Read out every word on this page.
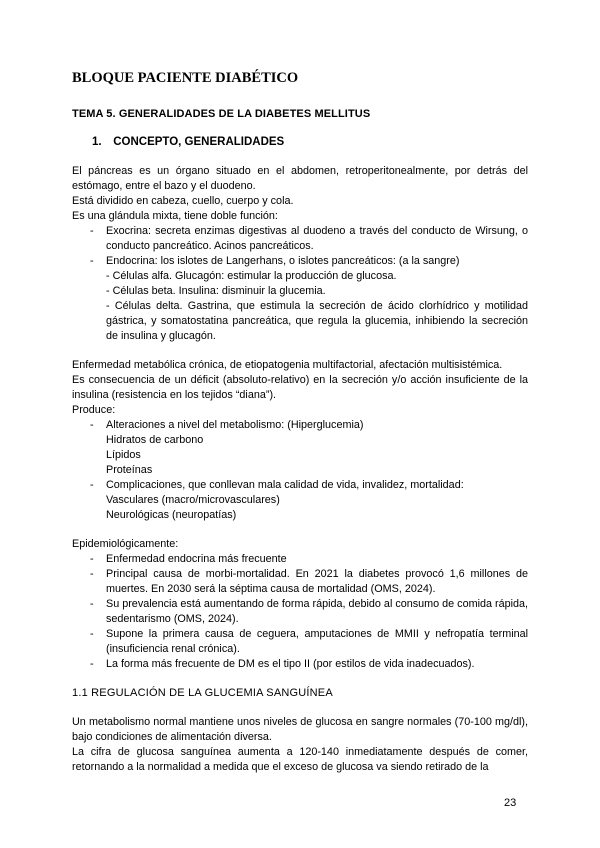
BLOQUE PACIENTE DIABÉTICO
TEMA 5. GENERALIDADES DE LA DIABETES MELLITUS
1. CONCEPTO, GENERALIDADES

El páncreas es un órgano situado en el abdomen, retroperitonealmente, por detrás del estómago, entre el bazo y el duodeno.

Está dividido en cabeza, cuello, cuerpo y cola.

Es una glándula mixta, tiene doble función:

- Exocrina: secreta enzimas digestivas al duodeno a través del conducto de Wirsung, o conducto pancreático. Acinos pancreáticos.
- Endocrina: los islotes de Langerhans, o islotes pancreáticos: (a la sangre)
- Células alfa. Glucagón: estimular la producción de glucosa.
- Células beta. Insulina: disminuir la glucemia.
- Células delta. Gastrina, que estimula la secreción de ácido clorhídrico y motilidad gástrica, y somatostatina pancreática, que regula la glucemia, inhibiendo la secreción de insulina y glucagón.

Enfermedad metabólica crónica, de etiopatogenia multifactorial, afectación multisistémica.

Es consecuencia de un déficit (absoluto-relativo) en la secreción y/o acción insuficiente de la insulina (resistencia en los tejidos “diana”).

Produce:

- Alteraciones a nivel del metabolismo: (Hiperglucemia)
Hidratos de carbono
Lípidos
Proteínas
- Complicaciones, que conllevan mala calidad de vida, invalidez, mortalidad:
Vasculares (macro/microvasculares)
Neurológicas (neuropatías)

Epidemiológicamente:

- Enfermedad endocrina más frecuente
- Principal causa de morbi-mortalidad. En 2021 la diabetes provocó 1,6 millones de muertes. En 2030 será la séptima causa de mortalidad (OMS, 2024).
- Su prevalencia está aumentando de forma rápida, debido al consumo de comida rápida, sedentarismo (OMS, 2024).
- Supone la primera causa de ceguera, amputaciones de MMII y nefropatía terminal (insuficiencia renal crónica).
- La forma más frecuente de DM es el tipo II (por estilos de vida inadecuados).

1.1 REGULACIÓN DE LA GLUCEMIA SANGUÍNEA

Un metabolismo normal mantiene unos niveles de glucosa en sangre normales (70-100 mg/dl), bajo condiciones de alimentación diversa.

La cifra de glucosa sanguínea aumenta a 120-140 inmediatamente después de comer, retornando a la normalidad a medida que el exceso de glucosa va siendo retirado de la

23
